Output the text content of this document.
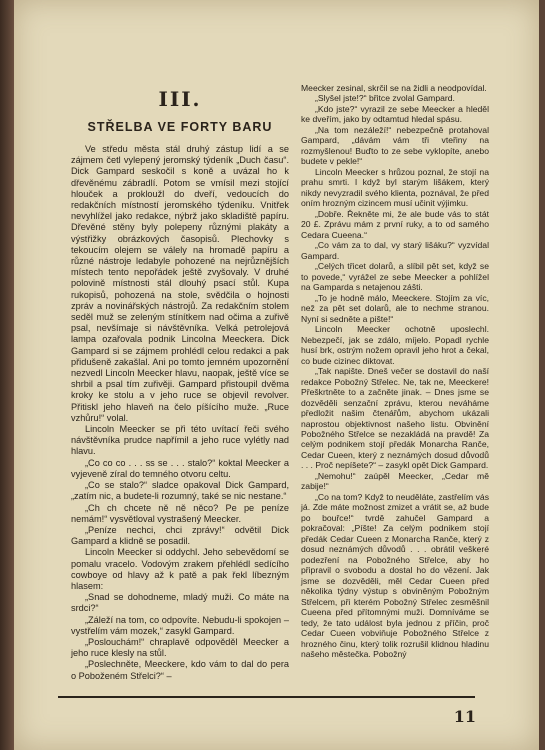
III.
STŘELBA VE FORTY BARU

Ve středu města stál druhý zástup lidí a se zájmem četl vylepený jeromský týdeník „Duch času“. Dick Gampard seskočil s koně a uvázal ho k dřevěnému zábradlí. Potom se vmísil mezi stojící hlouček a prokloužl do dveří, vedoucích do redakčních místností jeromského týdeníku. Vnitřek nevyhlížel jako redakce, nýbrž jako skladiště papíru. Dřevěné stěny byly polepeny různými plakáty a výstřižky obrázkových časopisů. Plechovky s tekoucím olejem se válely na hromadě papíru a různé nástroje ledabyle pohozené na nejrůznějších místech tento nepořádek ještě zvyšovaly. V druhé polovině místnosti stál dlouhý psací stůl. Kupa rukopisů, pohozená na stole, svědčila o hojnosti zpráv a novinářských nástrojů. Za redakčním stolem seděl muž se zeleným stínítkem nad očima a zuřivě psal, nevšímaje si návštěvníka. Velká petrolejová lampa ozařovala podnik Lincolna Meeckera. Dick Gampard si se zájmem prohlédl celou redakci a pak přidušeně zakašlal. Ani po tomto jemném upozornění nezvedl Lincoln Meecker hlavu, naopak, ještě více se shrbil a psal tím zuřivěji. Gampard přistoupil dvěma kroky ke stolu a v jeho ruce se objevil revolver. Přitiskl jeho hlaveň na čelo píšícího muže. „Ruce vzhůru!“ volal.

Lincoln Meecker se při této uvítací řeči svého návštěvníka prudce napřímil a jeho ruce vylétly nad hlavu.

„Co co co . . . ss se . . . stalo?“ koktal Meecker a vyjeveně zíral do temného otvoru celtu.

„Co se stalo?“ sladce opakoval Dick Gampard, „zatím nic, a budete-li rozumný, také se nic nestane.“

„Ch ch chcete ně ně něco? Pe pe peníze nemám!“ vysvětloval vystrašený Meecker.

„Peníze nechci, chci zprávy!“ odvětil Dick Gampard a klidně se posadil.

Lincoln Meecker si oddychl. Jeho sebevědomí se pomalu vracelo. Vodovým zrakem přehlédl sedícího cowboye od hlavy až k patě a pak řekl líbezným hlasem:

„Snad se dohodneme, mladý muži. Co máte na srdci?“

„Záleží na tom, co odpovíte. Nebudu-li spokojen – vystřelím vám mozek,“ zasykl Gampard.

„Poslouchám!“ chraplavě odpověděl Meecker a jeho ruce klesly na stůl.

„Poslechněte, Meeckere, kdo vám to dal do pera o Poboženém Střelci?“ –

Meecker zesinal, skrčil se na židli a neodpovídal.

„Slyšel jste!?“ břitce zvolal Gampard.

„Kdo jste?“ vyrazil ze sebe Meecker a hleděl ke dveřím, jako by odtamtud hledal spásu.

„Na tom nezáleží!“ nebezpečně protahoval Gampard, „dávám vám tři vteřiny na rozmyšlenou! Buďto to ze sebe vyklopíte, anebo budete v pekle!“

Lincoln Meecker s hrůzou poznal, že stojí na prahu smrti. I když byl starým lišákem, který nikdy nevyzradil svého klienta, poznával, že před oním hrozným cizincem musí učinit výjimku.

„Dobře. Řekněte mi, že ale bude vás to stát 20 £. Zprávu mám z první ruky, a to od samého Cedara Cueena.“

„Co vám za to dal, vy starý lišáku?“ vyzvídal Gampard.

„Celých třicet dolarů, a slíbil pět set, když se to povede,“ vyrážel ze sebe Meecker a pohlížel na Gamparda s netajenou zášti.

„To je hodně málo, Meeckere. Stojím za víc, než za pět set dolarů, ale to nechme stranou. Nyní si sedněte a pište!“

Lincoln Meecker ochotně uposlechl. Nebezpečí, jak se zdálo, míjelo. Popadl rychle husí brk, ostrým nožem opravil jeho hrot a čekal, co bude cizinec diktovat.

„Tak napište. Dneš večer se dostavil do naší redakce Pobožný Střelec. Ne, tak ne, Meeckere! Přeškrtněte to a začněte jinak. – Dnes jsme se dozvěděli senzační zprávu, kterou neváháme předložit našim čtenářům, abychom ukázali naprostou objektivnost našeho listu. Obvinění Pobožného Střelce se nezakládá na pravdě! Za celým podnikem stojí předák Monarcha Ranče, Cedar Cueen, který z neznámých dosud důvodů . . . Proč nepíšete?“ – zasykl opět Dick Gampard.

„Nemohu!“ zaúpěl Meecker, „Cedar mě zabije!“

„Co na tom? Když to neuděláte, zastřelím vás já. Zde máte možnost zmizet a vrátit se, až bude po bouřce!“ tvrdě zahučel Gampard a pokračoval: „Píšte! Za celým podnikem stojí předák Cedar Cueen z Monarcha Ranče, který z dosud neznámých důvodů . . . obrátil veškeré podezření na Pobožného Střelce, aby ho připravil o svobodu a dostal ho do vězení. Jak jsme se dozvěděli, měl Cedar Cueen před několika týdny výstup s obviněným Pobožným Střelcem, při kterém Pobožný Střelec zesměšnil Cueena před přítomnými muži. Domníváme se tedy, že tato událost byla jednou z příčin, proč Cedar Cueen vobviňuje Pobožného Střelce z hrozného činu, který tolik rozrušil klidnou hladinu našeho městečka. Pobožný

11
